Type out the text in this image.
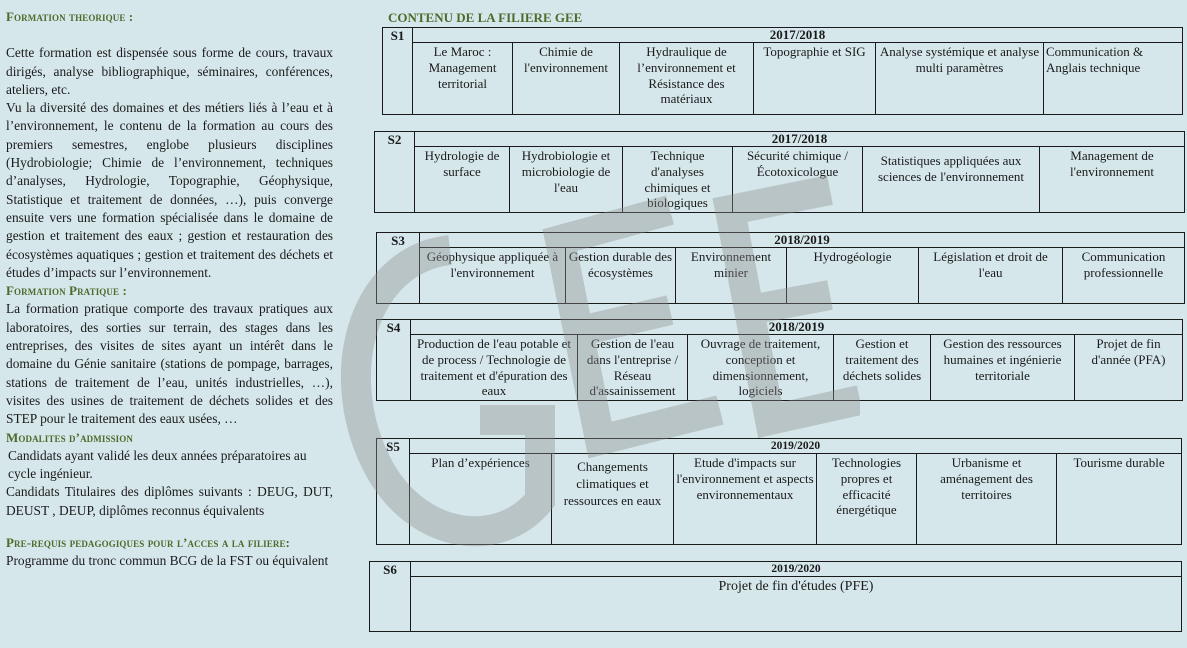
Formation theorique :

Cette formation est dispensée sous forme de cours, travaux dirigés, analyse bibliographique, séminaires, conférences, ateliers, etc.

Vu la diversité des domaines et des métiers liés à l’eau et à l’environnement, le contenu de la formation au cours des premiers semestres, englobe plusieurs disciplines (Hydrobiologie; Chimie de l’environnement, techniques d’analyses, Hydrologie, Topographie, Géophysique, Statistique et traitement de données, …), puis converge ensuite vers une formation spécialisée dans le domaine de gestion et traitement des eaux ; gestion et restauration des écosystèmes aquatiques ; gestion et traitement des déchets et études d’impacts sur l’environnement.

Formation Pratique :

La formation pratique comporte des travaux pratiques aux laboratoires, des sorties sur terrain, des stages dans les entreprises, des visites de sites ayant un intérêt dans le domaine du Génie sanitaire (stations de pompage, barrages, stations de traitement de l’eau, unités industrielles, …), visites des usines de traitement de déchets solides et des STEP pour le traitement des eaux usées, …

Modalites d’admission

Candidats ayant validé les deux années préparatoires au cycle ingénieur.

Candidats Titulaires des diplômes suivants : DEUG, DUT, DEUST , DEUP, diplômes reconnus équivalents

Pre-requis pedagogiques pour l’acces a la filiere: Programme du tronc commun BCG de la FST ou équivalent
CONTENU DE LA FILIERE GEE
S1	2017/2018					
	Le Maroc : Management territorial	Chimie de l'environnement	Hydraulique de l’environnement et Résistance des matériaux	Topographie et SIG	Analyse systémique et analyse multi paramètres	Communication & Anglais technique
S2	2017/2018					
	Hydrologie de surface	Hydrobiologie et microbiologie de l'eau	Technique d'analyses chimiques et biologiques	Sécurité chimique / Écotoxicologue	Statistiques appliquées aux sciences de l'environnement	Management de l'environnement
S3	2018/2019					
	Géophysique appliquée à l'environnement	Gestion durable des écosystèmes	Environnement minier	Hydrogéologie	Législation et droit de l'eau	Communication professionnelle
S4	2018/2019					
	Production de l'eau potable et de process / Technologie de traitement et d'épuration des eaux	Gestion de l'eau dans l'entreprise / Réseau d'assainissement	Ouvrage de traitement, conception et dimensionnement, logiciels	Gestion et traitement des déchets solides	Gestion des ressources humaines et ingénierie territoriale	Projet de fin d'année (PFA)
S5	2019/2020					
	Plan d’expériences	Changements climatiques et ressources en eaux	Etude d'impacts sur l'environnement et aspects environnementaux	Technologies propres et efficacité énergétique	Urbanisme et aménagement des territoires	Tourisme durable
S6	2019/2020
Projet de fin d'études (PFE)
